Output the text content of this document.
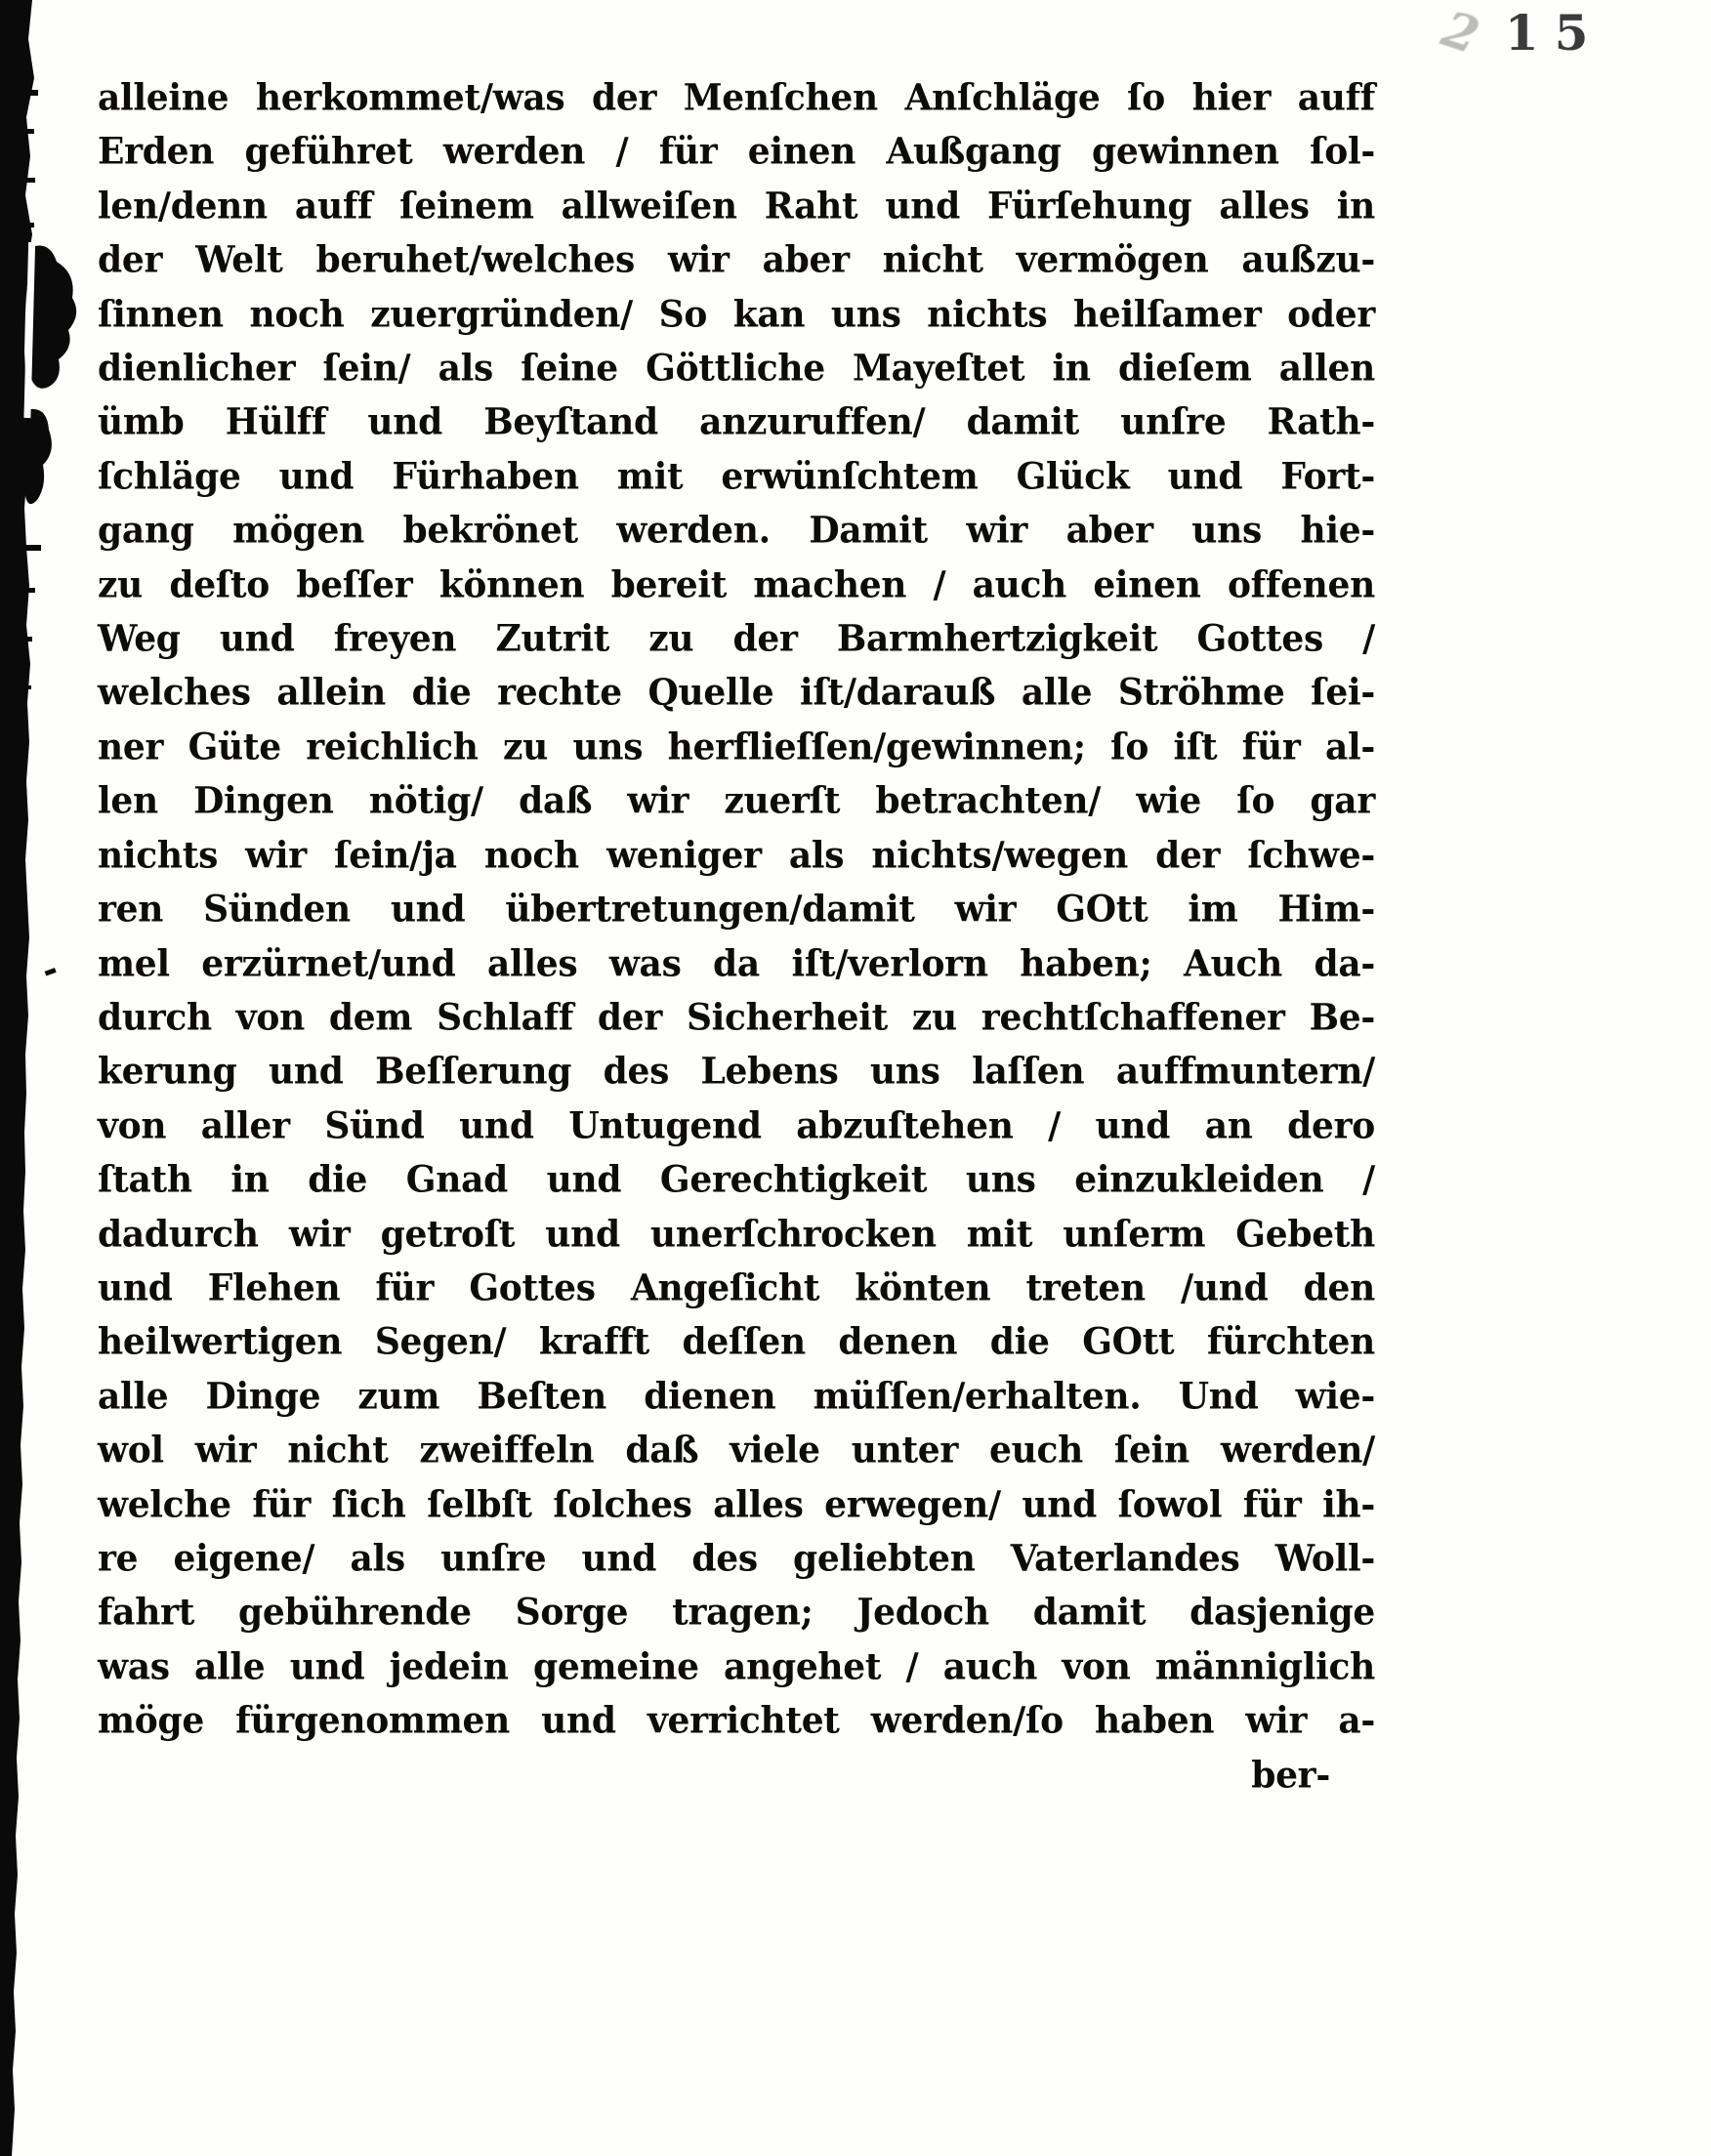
2 15
alleine herkommet/was der Menſchen Anſchläge ſo hier auff
Erden geführet werden / für einen Außgang gewinnen ſol-
len/denn auff ſeinem allweiſen Raht und Fürſehung alles in
der Welt beruhet/welches wir aber nicht vermögen außzu-
ſinnen noch zuergründen/ So kan uns nichts heilſamer oder
dienlicher ſein/ als ſeine Göttliche Mayeſtet in dieſem allen
ümb Hülff und Beyſtand anzuruffen/ damit unſre Rath-
ſchläge und Fürhaben mit erwünſchtem Glück und Fort-
gang mögen bekrönet werden. Damit wir aber uns hie-
zu deſto beſſer können bereit machen / auch einen offenen
Weg und freyen Zutrit zu der Barmhertzigkeit Gottes /
welches allein die rechte Quelle iſt/darauß alle Ströhme ſei-
ner Güte reichlich zu uns herflieſſen/gewinnen; ſo iſt für al-
len Dingen nötig/ daß wir zuerſt betrachten/ wie ſo gar
nichts wir ſein/ja noch weniger als nichts/wegen der ſchwe-
ren Sünden und übertretungen/damit wir GOtt im Him-
mel erzürnet/und alles was da iſt/verlorn haben; Auch da-
durch von dem Schlaff der Sicherheit zu rechtſchaffener Be-
kerung und Beſſerung des Lebens uns laſſen auffmuntern/
von aller Sünd und Untugend abzuſtehen / und an dero
ſtath in die Gnad und Gerechtigkeit uns einzukleiden /
dadurch wir getroſt und unerſchrocken mit unſerm Gebeth
und Flehen für Gottes Angeſicht könten treten /und den
heilwertigen Segen/ krafft deſſen denen die GOtt fürchten
alle Dinge zum Beſten dienen müſſen/erhalten. Und wie-
wol wir nicht zweiffeln daß viele unter euch ſein werden/
welche für ſich ſelbſt ſolches alles erwegen/ und ſowol für ih-
re eigene/ als unſre und des geliebten Vaterlandes Woll-
fahrt gebührende Sorge tragen; Jedoch damit dasjenige
was alle und jedein gemeine angehet / auch von männiglich
möge fürgenommen und verrichtet werden/ſo haben wir a-
ber-
